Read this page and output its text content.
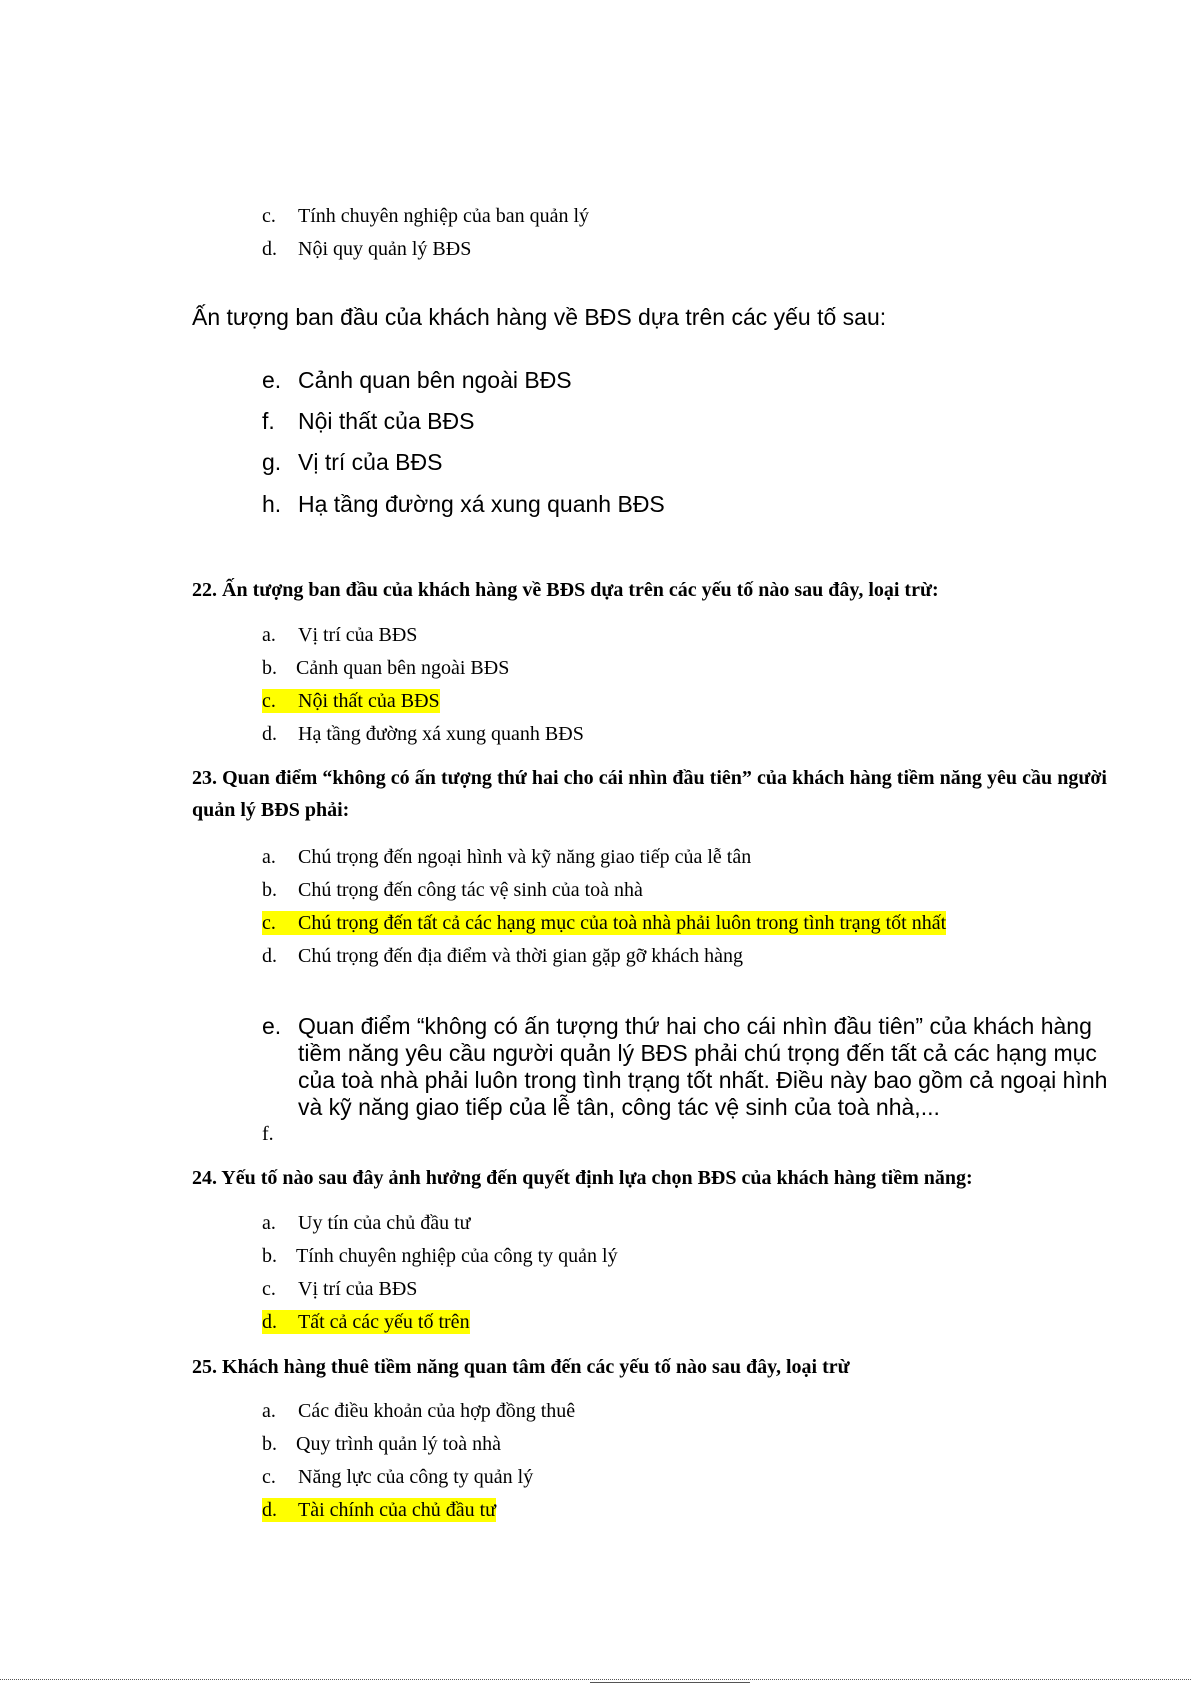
c. Tính chuyên nghiệp của ban quản lý
d. Nội quy quản lý BĐS
Ấn tượng ban đầu của khách hàng về BĐS dựa trên các yếu tố sau:
e. Cảnh quan bên ngoài BĐS
f. Nội thất của BĐS
g. Vị trí của BĐS
h. Hạ tầng đường xá xung quanh BĐS
22. Ấn tượng ban đầu của khách hàng về BĐS dựa trên các yếu tố nào sau đây, loại trừ:
a. Vị trí của BĐS
b. Cảnh quan bên ngoài BĐS
c. Nội thất của BĐS
d. Hạ tầng đường xá xung quanh BĐS
23. Quan điểm “không có ấn tượng thứ hai cho cái nhìn đầu tiên” của khách hàng tiềm năng yêu cầu người quản lý BĐS phải:
a. Chú trọng đến ngoại hình và kỹ năng giao tiếp của lễ tân
b. Chú trọng đến công tác vệ sinh của toà nhà
c. Chú trọng đến tất cả các hạng mục của toà nhà phải luôn trong tình trạng tốt nhất
d. Chú trọng đến địa điểm và thời gian gặp gỡ khách hàng
e. Quan điểm “không có ấn tượng thứ hai cho cái nhìn đầu tiên” của khách hàng tiềm năng yêu cầu người quản lý BĐS phải chú trọng đến tất cả các hạng mục của toà nhà phải luôn trong tình trạng tốt nhất. Điều này bao gồm cả ngoại hình và kỹ năng giao tiếp của lễ tân, công tác vệ sinh của toà nhà,...
f.
24. Yếu tố nào sau đây ảnh hưởng đến quyết định lựa chọn BĐS của khách hàng tiềm năng:
a. Uy tín của chủ đầu tư
b. Tính chuyên nghiệp của công ty quản lý
c. Vị trí của BĐS
d. Tất cả các yếu tố trên
25. Khách hàng thuê tiềm năng quan tâm đến các yếu tố nào sau đây, loại trừ
a. Các điều khoản của hợp đồng thuê
b. Quy trình quản lý toà nhà
c. Năng lực của công ty quản lý
d. Tài chính của chủ đầu tư
